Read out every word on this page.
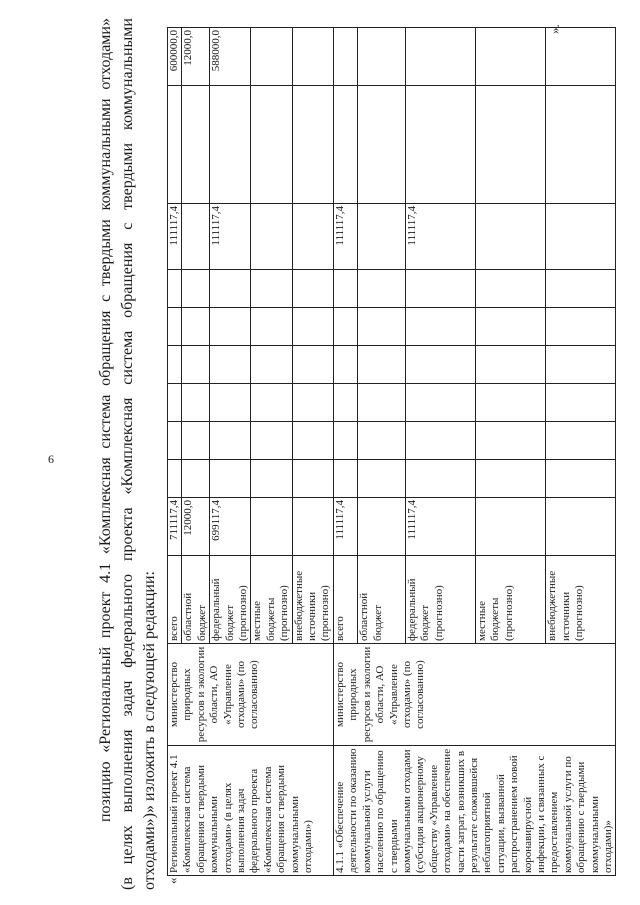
6	позицию «Региональный проект 4.1 «Комплексная система обращения с твердыми коммунальными отходами» (в целях выполнения задач федерального проекта «Комплексная система обращения с твердыми коммунальными отходами»)» изложить в следующей редакции: «
».
Региональный проект 4.1 «Комплексная система обращения с твердыми коммунальными отходами» (в целях выполнения задач федерального проекта «Комплексная система обращения с твердыми коммунальными отходами»)	министерство природных ресурсов и экологии области, АО «Управление отходами» (по согласованию)	всего	711117,4							111117,4		600000,0
		областной бюджет	12000,0									12000,0
		федеральный бюджет (прогнозно)	699117,4							111117,4		588000,0
		местные бюджеты (прогнозно)										
		внебюджетные источники (прогнозно)										
4.1.1 «Обеспечение деятельности по оказанию коммунальной услуги населению по обращению с твердыми коммунальными отходами (субсидия акционерному обществу «Управление отходами» на обеспечение части затрат, возникших в результате сложившейся неблагоприятной ситуации, вызванной распространением новой коронавирусной инфекции, и связанных с предоставлением коммунальной услуги по обращению с твердыми коммунальными отходами)»	министерство природных ресурсов и экологии области, АО «Управление отходами» (по согласованию)	всего	111117,4							111117,4		
		областной бюджет										
		федеральный бюджет (прогнозно)	111117,4							111117,4		
		местные бюджеты (прогнозно)										
		внебюджетные источники (прогнозно)										
